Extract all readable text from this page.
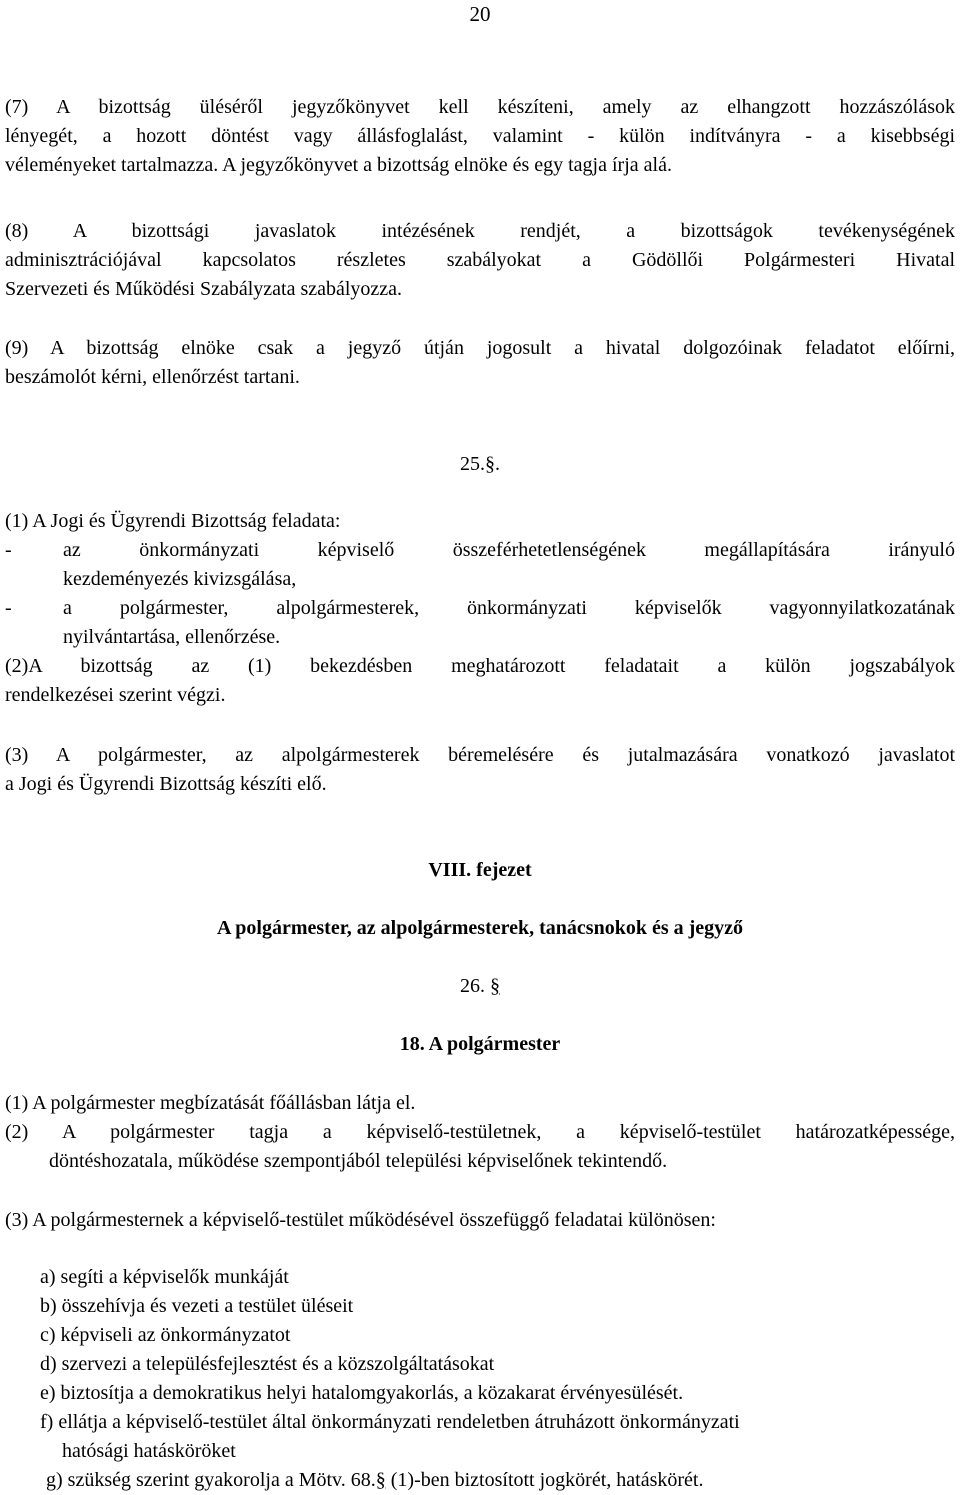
20
(7) A bizottság üléséről jegyzőkönyvet kell készíteni, amely az elhangzott hozzászólások
lényegét, a hozott döntést vagy állásfoglalást, valamint - külön indítványra - a kisebbségi
véleményeket tartalmazza. A jegyzőkönyvet a bizottság elnöke és egy tagja írja alá.
(8) A bizottsági javaslatok intézésének rendjét, a bizottságok tevékenységének
adminisztrációjával kapcsolatos részletes szabályokat a Gödöllői Polgármesteri Hivatal
Szervezeti és Működési Szabályzata szabályozza.
(9) A bizottság elnöke csak a jegyző útján jogosult a hivatal dolgozóinak feladatot előírni,
beszámolót kérni, ellenőrzést tartani.
25.§.
(1) A Jogi és Ügyrendi Bizottság feladata:
-	az önkormányzati képviselő összeférhetetlenségének megállapítására irányuló
kezdeményezés kivizsgálása,
-	a polgármester, alpolgármesterek, önkormányzati képviselők vagyonnyilatkozatának
nyilvántartása, ellenőrzése.
(2)A bizottság az (1) bekezdésben meghatározott feladatait a külön jogszabályok
rendelkezései szerint végzi.
(3) A polgármester, az alpolgármesterek béremelésére és jutalmazására vonatkozó javaslatot
a Jogi és Ügyrendi Bizottság készíti elő.
VIII. fejezet
A polgármester, az alpolgármesterek, tanácsnokok és a jegyző
26. §
18. A polgármester
(1) A polgármester megbízatását főállásban látja el.
(2) A polgármester tagja a képviselő-testületnek, a képviselő-testület határozatképessége,
döntéshozatala, működése szempontjából települési képviselőnek tekintendő.
(3) A polgármesternek a képviselő-testület működésével összefüggő feladatai különösen:
a) segíti a képviselők munkáját
b) összehívja és vezeti a testület üléseit
c) képviseli az önkormányzatot
d) szervezi a településfejlesztést és a közszolgáltatásokat
e) biztosítja a demokratikus helyi hatalomgyakorlás, a közakarat érvényesülését.
f) ellátja a képviselő-testület által önkormányzati rendeletben átruházott önkormányzati
hatósági hatásköröket
g) szükség szerint gyakorolja a Mötv. 68.§ (1)-ben biztosított jogkörét, hatáskörét.
